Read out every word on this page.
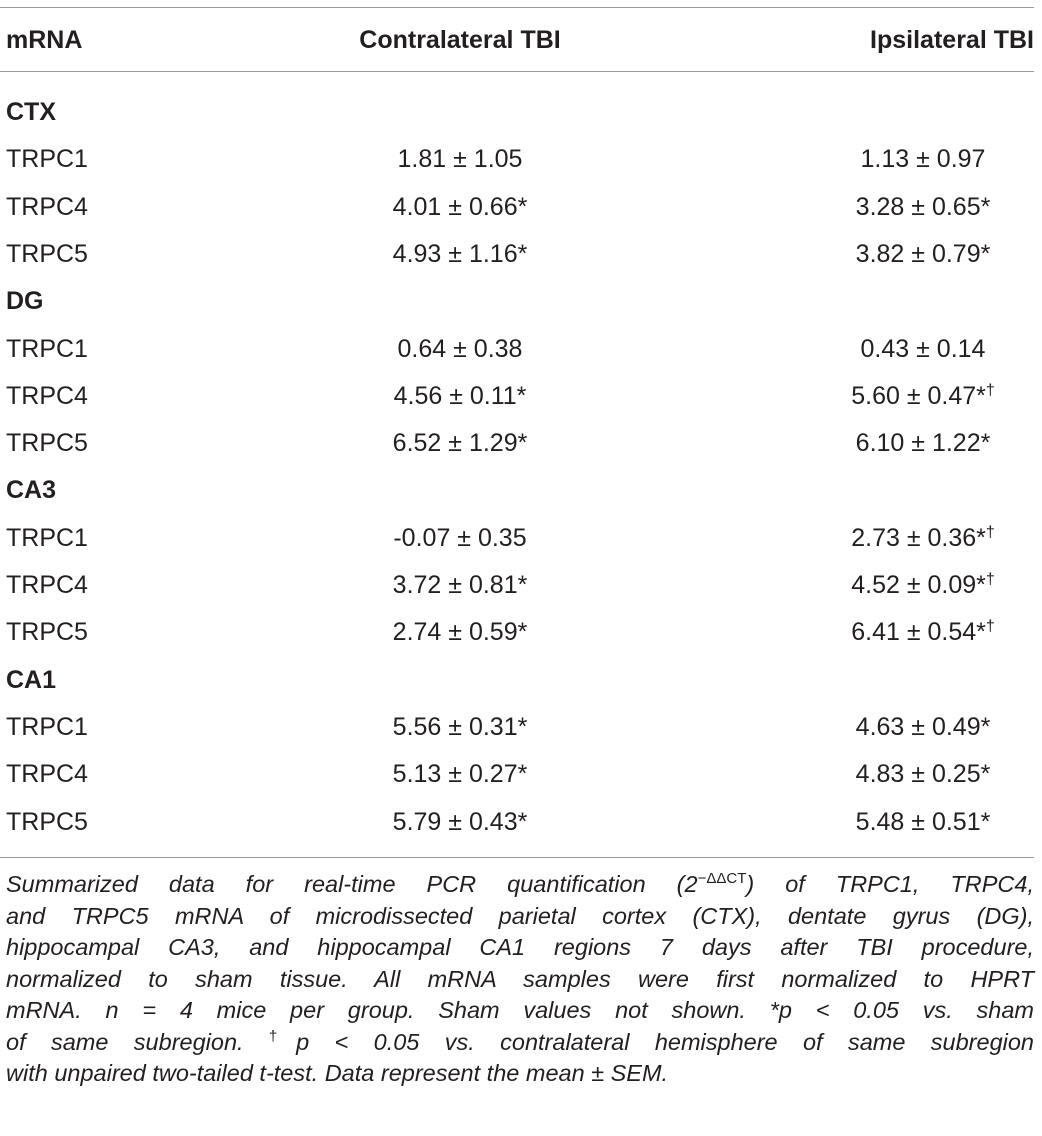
mRNA	Contralateral TBI	Ipsilateral TBI
CTX
TRPC1	1.81 ± 1.05	1.13 ± 0.97
TRPC4	4.01 ± 0.66*	3.28 ± 0.65*
TRPC5	4.93 ± 1.16*	3.82 ± 0.79*
DG
TRPC1	0.64 ± 0.38	0.43 ± 0.14
TRPC4	4.56 ± 0.11*	5.60 ± 0.47*†
TRPC5	6.52 ± 1.29*	6.10 ± 1.22*
CA3
TRPC1	-0.07 ± 0.35	2.73 ± 0.36*†
TRPC4	3.72 ± 0.81*	4.52 ± 0.09*†
TRPC5	2.74 ± 0.59*	6.41 ± 0.54*†
CA1
TRPC1	5.56 ± 0.31*	4.63 ± 0.49*
TRPC4	5.13 ± 0.27*	4.83 ± 0.25*
TRPC5	5.79 ± 0.43*	5.48 ± 0.51*
Summarized data for real-time PCR quantification $(2^{-\Delta\Delta CT})$ of TRPC1, TRPC4,
and TRPC5 mRNA of microdissected parietal cortex (CTX), dentate gyrus (DG),
hippocampal CA3, and hippocampal CA1 regions 7 days after TBI procedure,
normalized to sham tissue. All mRNA samples were first normalized to HPRT
mRNA. n = 4 mice per group. Sham values not shown. *p < 0.05 vs. sham
of same subregion. †p < 0.05 vs. contralateral hemisphere of same subregion
with unpaired two-tailed t-test. Data represent the mean ± SEM.
